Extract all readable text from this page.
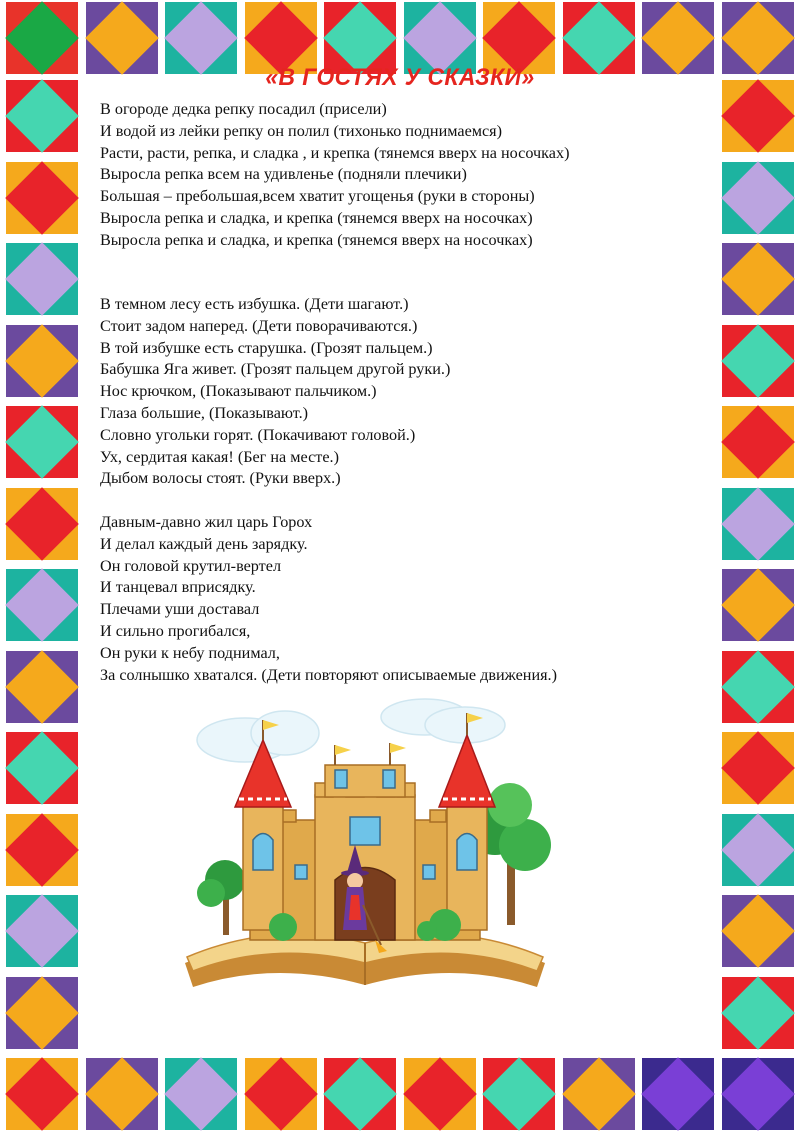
«В ГОСТЯХ У СКАЗКИ»
В огороде дедка репку посадил (присели)
И водой из лейки репку он полил (тихонько поднимаемся)
Расти, расти, репка, и сладка , и крепка (тянемся вверх на носочках)
Выросла репка всем на удивленье (подняли плечики)
Большая – пребольшая,всем хватит угощенья (руки в стороны)
Выросла репка и сладка, и крепка (тянемся вверх на носочках)
Выросла репка и сладка, и крепка (тянемся вверх на носочках)
В темном лесу есть избушка. (Дети шагают.)
Стоит задом наперед. (Дети поворачиваются.)
В той избушке есть старушка. (Грозят пальцем.)
Бабушка Яга живет. (Грозят пальцем другой руки.)
Нос крючком, (Показывают пальчиком.)
Глаза большие, (Показывают.)
Словно угольки горят. (Покачивают головой.)
Ух, сердитая какая! (Бег на месте.)
Дыбом волосы стоят. (Руки вверх.)
Давным-давно жил царь Горох
И делал каждый день зарядку.
Он головой крутил-вертел
И танцевал вприсядку.
Плечами уши доставал
И сильно прогибался,
Он руки к небу поднимал,
За солнышко хватался. (Дети повторяют описываемые движения.)
